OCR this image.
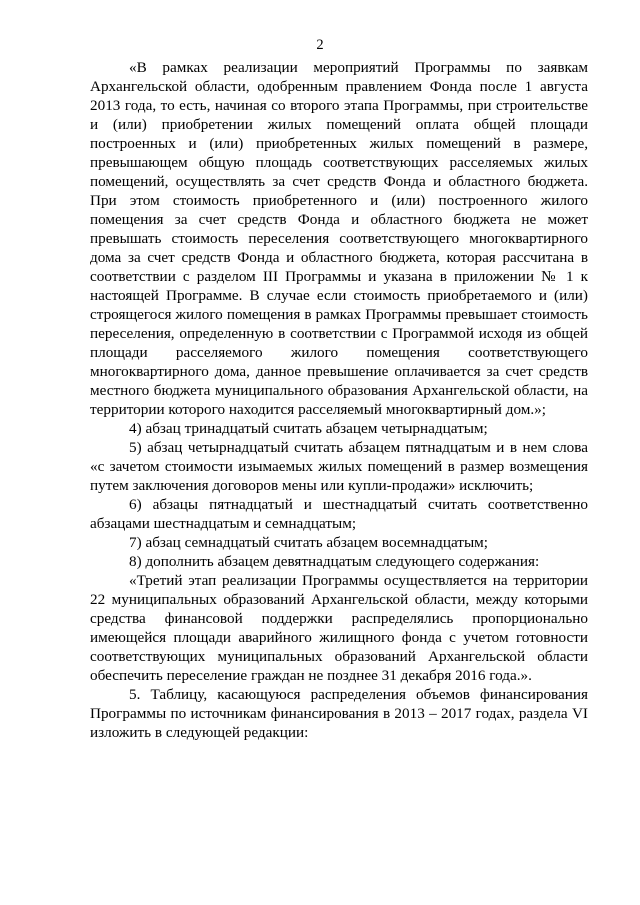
2

«В рамках реализации мероприятий Программы по заявкам Архангельской области, одобренным правлением Фонда после 1 августа 2013 года, то есть, начиная со второго этапа Программы, при строительстве и (или) приобретении жилых помещений оплата общей площади построенных и (или) приобретенных жилых помещений в размере, превышающем общую площадь соответствующих расселяемых жилых помещений, осуществлять за счет средств Фонда и областного бюджета. При этом стоимость приобретенного и (или) построенного жилого помещения за счет средств Фонда и областного бюджета не может превышать стоимость переселения соответствующего многоквартирного дома за счет средств Фонда и областного бюджета, которая рассчитана в соответствии с разделом III Программы и указана в приложении № 1 к настоящей Программе. В случае если стоимость приобретаемого и (или) строящегося жилого помещения в рамках Программы превышает стоимость переселения, определенную в соответствии с Программой исходя из общей площади расселяемого жилого помещения соответствующего многоквартирного дома, данное превышение оплачивается за счет средств местного бюджета муниципального образования Архангельской области, на территории которого находится расселяемый многоквартирный дом.»;

4) абзац тринадцатый считать абзацем четырнадцатым;

5) абзац четырнадцатый считать абзацем пятнадцатым и в нем слова «с зачетом стоимости изымаемых жилых помещений в размер возмещения путем заключения договоров мены или купли-продажи» исключить;

6) абзацы пятнадцатый и шестнадцатый считать соответственно абзацами шестнадцатым и семнадцатым;

7) абзац семнадцатый считать абзацем восемнадцатым;

8) дополнить абзацем девятнадцатым следующего содержания:

«Третий этап реализации Программы осуществляется на территории 22 муниципальных образований Архангельской области, между которыми средства финансовой поддержки распределялись пропорционально имеющейся площади аварийного жилищного фонда с учетом готовности соответствующих муниципальных образований Архангельской области обеспечить переселение граждан не позднее 31 декабря 2016 года.».

5. Таблицу, касающуюся распределения объемов финансирования Программы по источникам финансирования в 2013 – 2017 годах, раздела VI изложить в следующей редакции:
